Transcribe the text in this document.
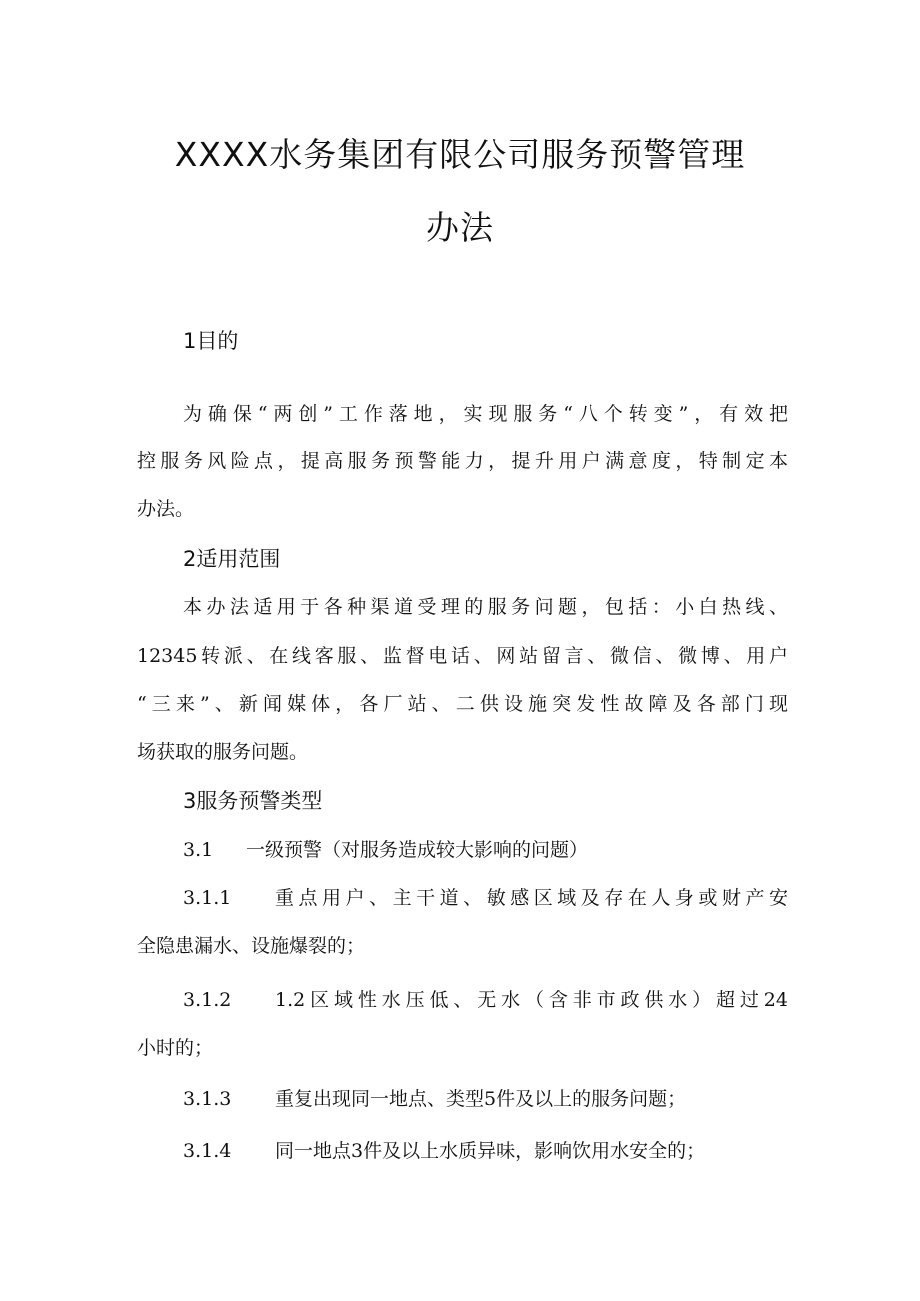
XXXX水务集团有限公司服务预警管理
办法
1目的
为确保“两创”工作落地，实现服务“八个转变”，有效把
控服务风险点，提高服务预警能力，提升用户满意度，特制定本
办法。
2适用范围
本办法适用于各种渠道受理的服务问题，包括：小白热线、
12345转派、在线客服、监督电话、网站留言、微信、微博、用户
“三来”、新闻媒体，各厂站、二供设施突发性故障及各部门现
场获取的服务问题。
3服务预警类型
3.1 一级预警（对服务造成较大影响的问题）
3.1.1 重点用户、主干道、敏感区域及存在人身或财产安
全隐患漏水、设施爆裂的；
3.1.2 1.2区域性水压低、无水（含非市政供水）超过24
小时的；
3.1.3 重复出现同一地点、类型5件及以上的服务问题；
3.1.4 同一地点3件及以上水质异味，影响饮用水安全的；
